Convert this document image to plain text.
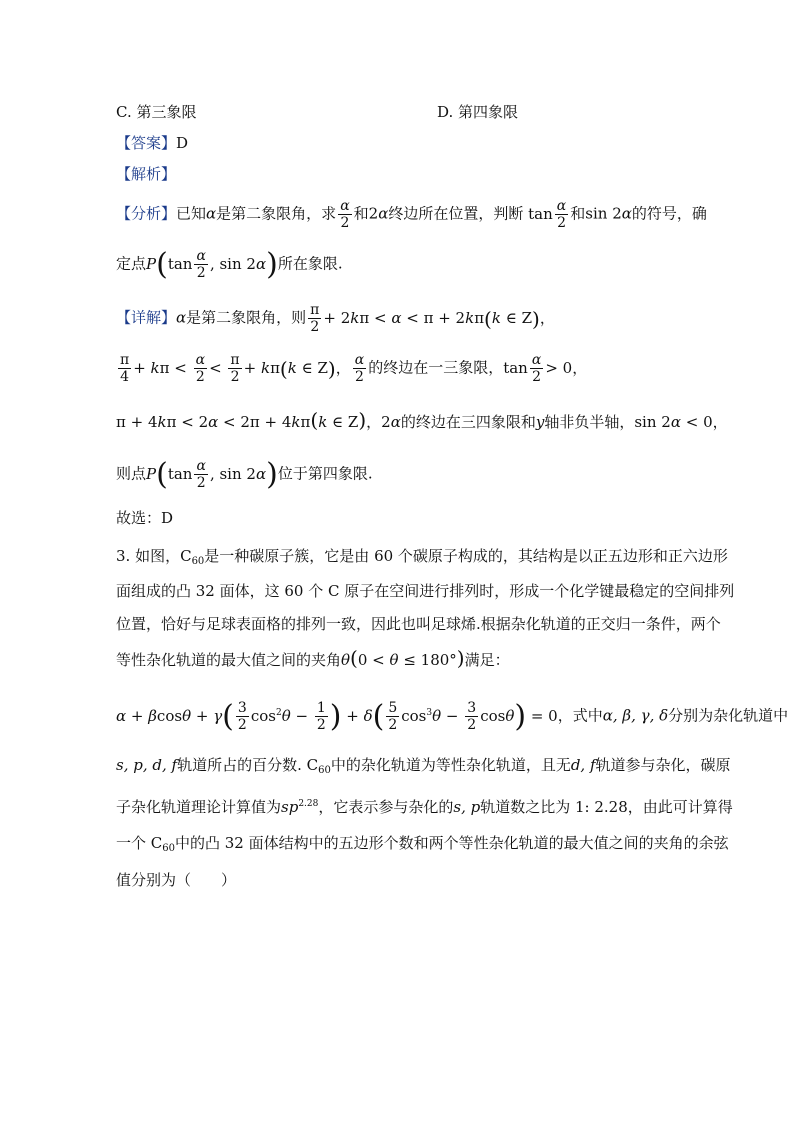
C. 第三象限	D. 第四象限
【答案】D
【解析】
【分析】已知α是第二象限角，求 $\frac{\alpha}{2}$ 和2α终边所在位置，判断 $\tan \frac{\alpha}{2}$ 和sin 2α的符号，确
定点$P(\tan \frac{\alpha}{2}$ , sin 2α)所在象限.
【详解】α是第二象限角，则 $\frac{\pi}{2} + 2k\pi < \alpha < \pi + 2k\pi(k$ ∈ Z)，
$\frac{\pi}{4} + k\pi < \frac{\alpha}{2} < \frac{\pi}{2} + k\pi(k$ ∈ Z)， $\frac{\alpha}{2}$ 的终边在一三象限，$\tan \frac{\alpha}{2} > 0$，
π + 4kπ < 2α < 2π + 4kπ(k ∈ Z)，2α的终边在三四象限和y轴非负半轴，sin 2α < 0，
则点$P(\tan \frac{\alpha}{2}$ , sin 2α)位于第四象限.
故选：D
3. 如图，$C_{60}$是一种碳原子簇，它是由 60 个碳原子构成的，其结构是以正五边形和正六边形
面组成的凸 32 面体，这 60 个 C 原子在空间进行排列时，形成一个化学键最稳定的空间排列
位置，恰好与足球表面格的排列一致，因此也叫足球烯.根据杂化轨道的正交归一条件，两个
等性杂化轨道的最大值之间的夹角θ(0 < θ ≤ 180°)满足：
$\alpha + \beta\cos\theta + \gamma( \frac{3}{2} \cos^2\theta - \frac{1}{2}$ ) + $\delta( \frac{5}{2} \cos^3\theta - \frac{3}{2} \cos\theta) = 0$，式中α, β, γ, δ分别为杂化轨道中
s, p, d, f轨道所占的百分数. $C_{60}$中的杂化轨道为等性杂化轨道，且无d, f轨道参与杂化，碳原
子杂化轨道理论计算值为$sp^{2.28}$，它表示参与杂化的s, p轨道数之比为 1: 2.28，由此可计算得
一个 $C_{60}$中的凸 32 面体结构中的五边形个数和两个等性杂化轨道的最大值之间的夹角的余弦
值分别为（　　）
